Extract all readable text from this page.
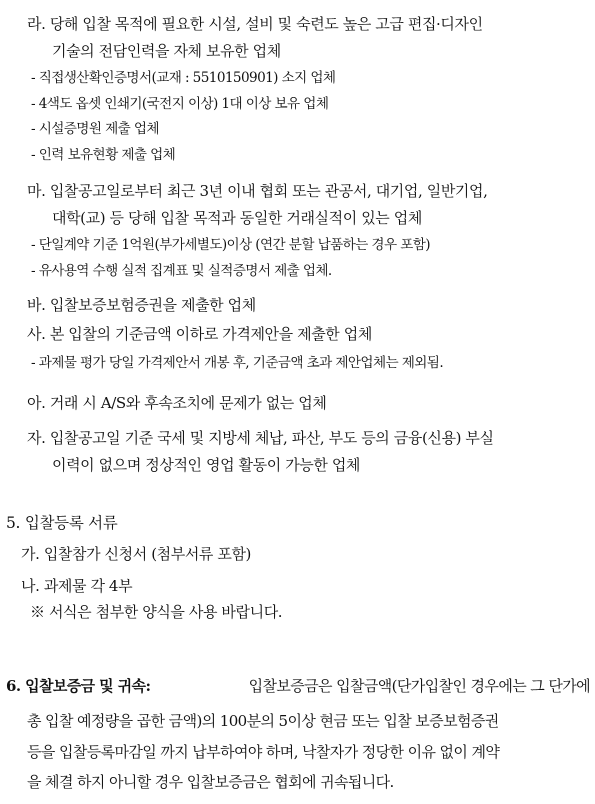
라. 당해 입찰 목적에 필요한 시설, 설비 및 숙련도 높은 고급 편집·디자인
기술의 전담인력을 자체 보유한 업체
- 직접생산확인증명서(교재 : 5510150901) 소지 업체
- 4색도 옵셋 인쇄기(국전지 이상) 1대 이상 보유 업체
- 시설증명원 제출 업체
- 인력 보유현황 제출 업체
마. 입찰공고일로부터 최근 3년 이내 협회 또는 관공서, 대기업, 일반기업,
대학(교) 등 당해 입찰 목적과 동일한 거래실적이 있는 업체
- 단일계약 기준 1억원(부가세별도)이상 (연간 분할 납품하는 경우 포함)
- 유사용역 수행 실적 집계표 및 실적증명서 제출 업체.
바. 입찰보증보험증권을 제출한 업체
사. 본 입찰의 기준금액 이하로 가격제안을 제출한 업체
- 과제물 평가 당일 가격제안서 개봉 후, 기준금액 초과 제안업체는 제외됨.
아. 거래 시 A/S와 후속조치에 문제가 없는 업체
자. 입찰공고일 기준 국세 및 지방세 체납, 파산, 부도 등의 금융(신용) 부실
이력이 없으며 정상적인 영업 활동이 가능한 업체
5. 입찰등록 서류
가. 입찰참가 신청서 (첨부서류 포함)
나. 과제물 각 4부
※ 서식은 첨부한 양식을 사용 바랍니다.
6. 입찰보증금 및 귀속:	입찰보증금은 입찰금액(단가입찰인 경우에는 그 단가에
총 입찰 예정량을 곱한 금액)의 100분의 5이상 현금 또는 입찰 보증보험증권
등을 입찰등록마감일 까지 납부하여야 하며, 낙찰자가 정당한 이유 없이 계약
을 체결 하지 아니할 경우 입찰보증금은 협회에 귀속됩니다.
